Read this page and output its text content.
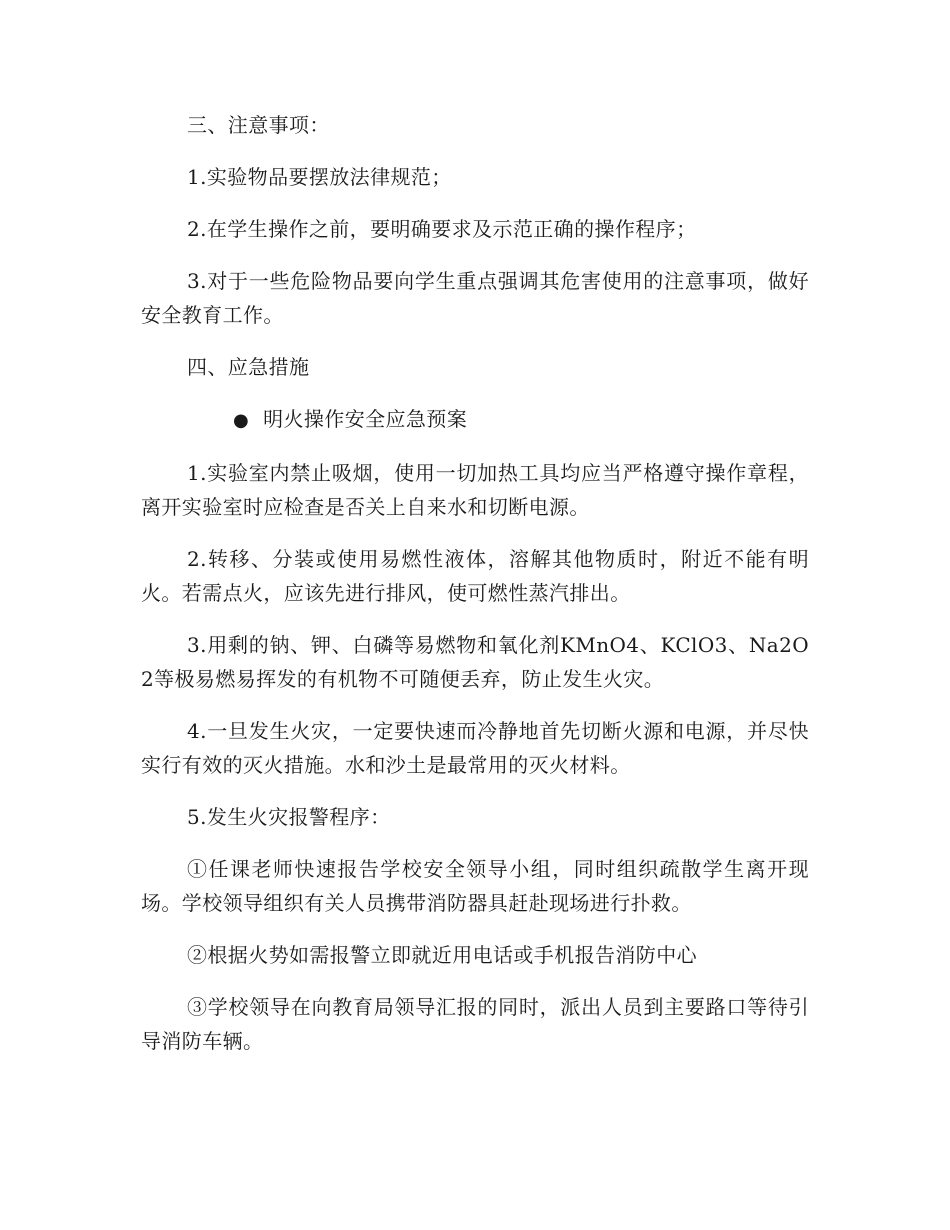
三、注意事项：

1.实验物品要摆放法律规范；

2.在学生操作之前，要明确要求及示范正确的操作程序；

3.对于一些危险物品要向学生重点强调其危害使用的注意事项，做好安全教育工作。

四、应急措施

● 明火操作安全应急预案

1.实验室内禁止吸烟，使用一切加热工具均应当严格遵守操作章程，离开实验室时应检查是否关上自来水和切断电源。

2.转移、分装或使用易燃性液体，溶解其他物质时，附近不能有明火。若需点火，应该先进行排风，使可燃性蒸汽排出。

3.用剩的钠、钾、白磷等易燃物和氧化剂KMnO4、KClO3、Na2O2等极易燃易挥发的有机物不可随便丢弃，防止发生火灾。

4.一旦发生火灾，一定要快速而冷静地首先切断火源和电源，并尽快实行有效的灭火措施。水和沙土是最常用的灭火材料。

5.发生火灾报警程序：

①任课老师快速报告学校安全领导小组，同时组织疏散学生离开现场。学校领导组织有关人员携带消防器具赶赴现场进行扑救。

②根据火势如需报警立即就近用电话或手机报告消防中心

③学校领导在向教育局领导汇报的同时，派出人员到主要路口等待引导消防车辆。
